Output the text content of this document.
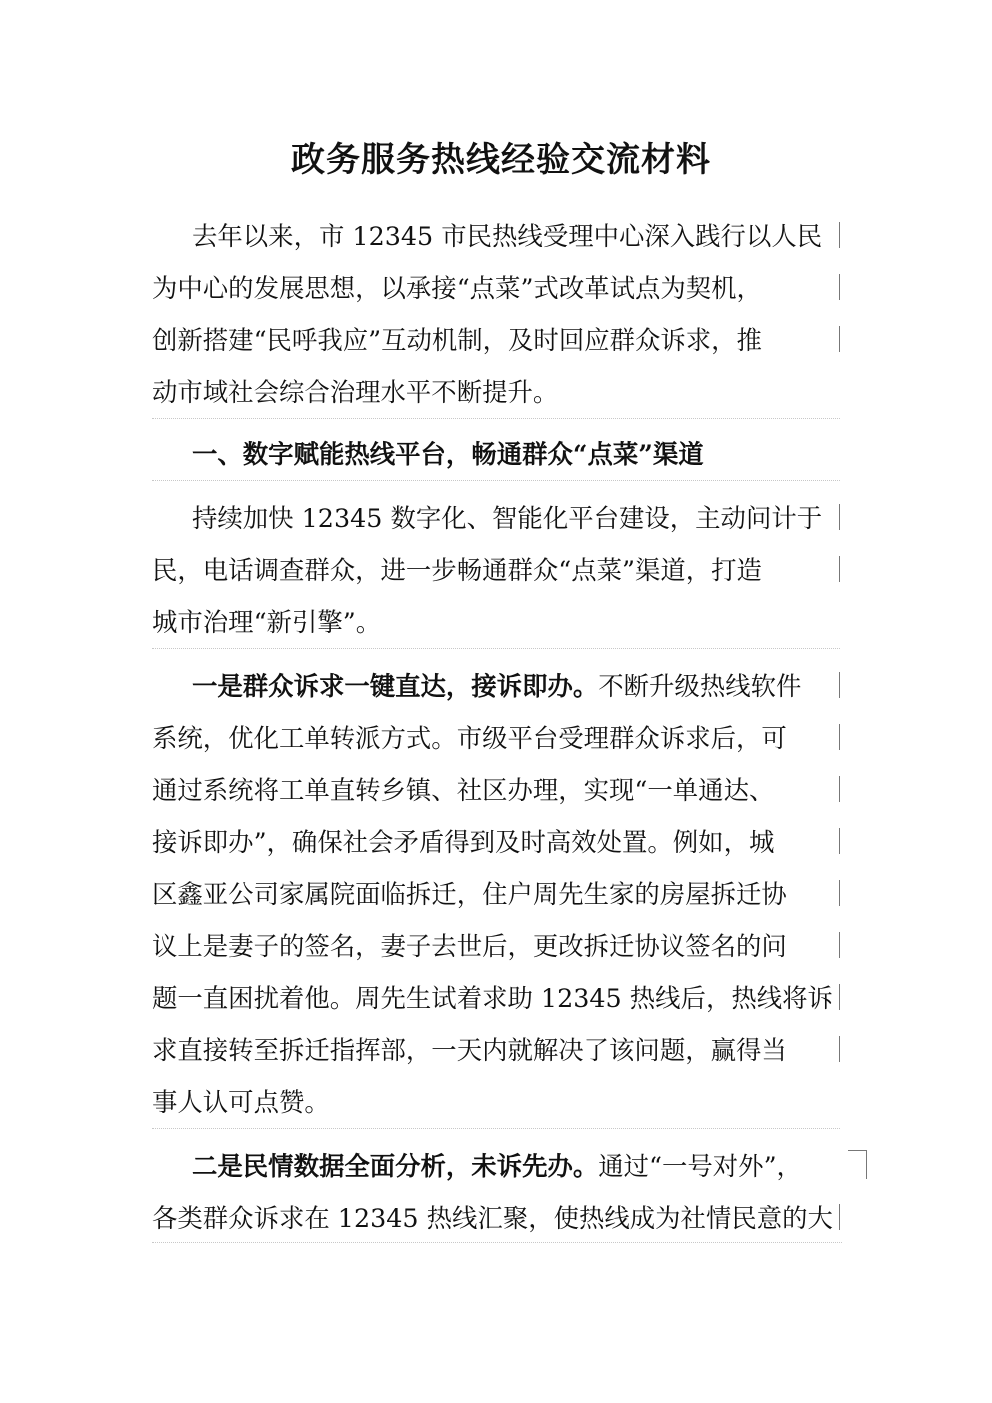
政务服务热线经验交流材料
去年以来，市 12345 市民热线受理中心深入践行以人民
为中心的发展思想，以承接“点菜”式改革试点为契机，
创新搭建“民呼我应”互动机制，及时回应群众诉求，推
动市域社会综合治理水平不断提升。
一、数字赋能热线平台，畅通群众“点菜”渠道
持续加快 12345 数字化、智能化平台建设，主动问计于
民，电话调查群众，进一步畅通群众“点菜”渠道，打造
城市治理“新引擎”。
一是群众诉求一键直达，接诉即办。不断升级热线软件
系统，优化工单转派方式。市级平台受理群众诉求后，可
通过系统将工单直转乡镇、社区办理，实现“一单通达、
接诉即办”，确保社会矛盾得到及时高效处置。例如，城
区鑫亚公司家属院面临拆迁，住户周先生家的房屋拆迁协
议上是妻子的签名，妻子去世后，更改拆迁协议签名的问
题一直困扰着他。周先生试着求助 12345 热线后，热线将诉
求直接转至拆迁指挥部，一天内就解决了该问题，赢得当
事人认可点赞。
二是民情数据全面分析，未诉先办。通过“一号对外”，
各类群众诉求在 12345 热线汇聚，使热线成为社情民意的大
